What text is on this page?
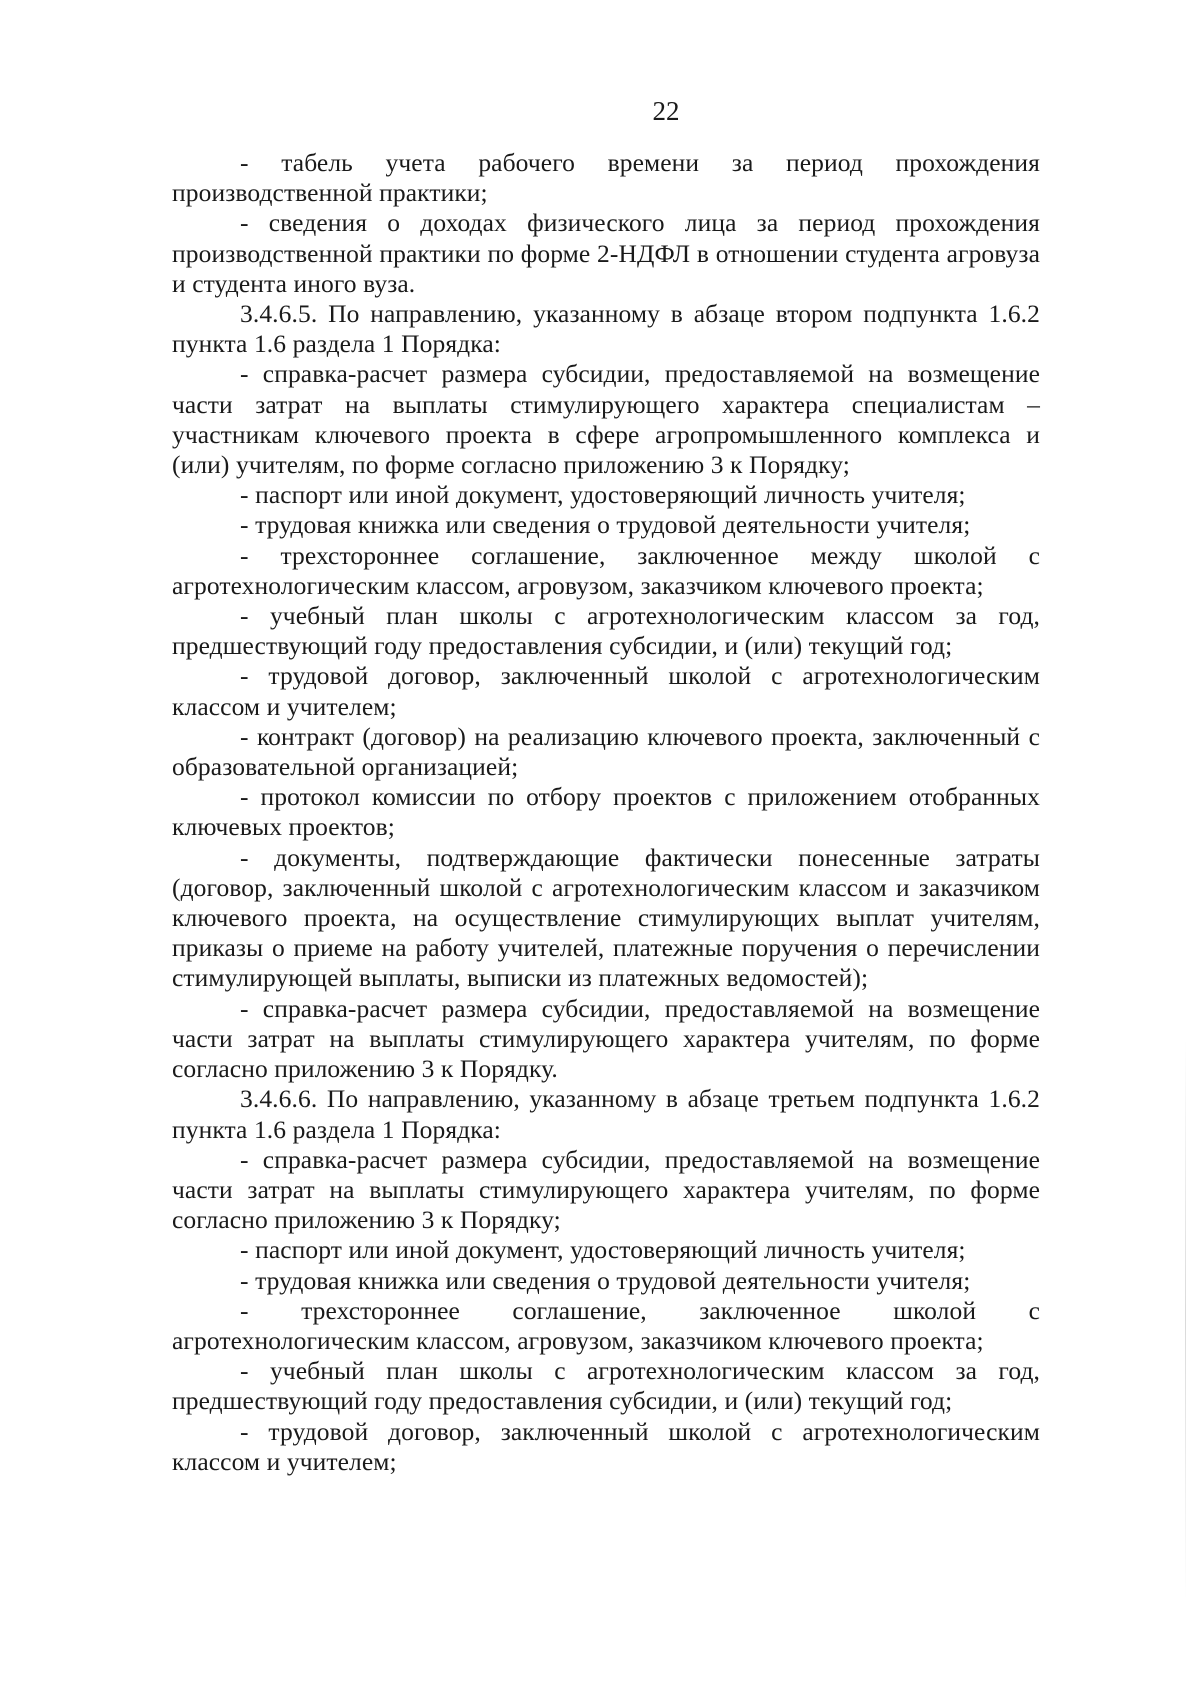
22

- табель учета рабочего времени за период прохождения производственной практики;

- сведения о доходах физического лица за период прохождения производственной практики по форме 2-НДФЛ в отношении студента агровуза и студента иного вуза.

3.4.6.5. По направлению, указанному в абзаце втором подпункта 1.6.2 пункта 1.6 раздела 1 Порядка:

- справка-расчет размера субсидии, предоставляемой на возмещение части затрат на выплаты стимулирующего характера специалистам – участникам ключевого проекта в сфере агропромышленного комплекса и (или) учителям, по форме согласно приложению 3 к Порядку;

- паспорт или иной документ, удостоверяющий личность учителя;

- трудовая книжка или сведения о трудовой деятельности учителя;

- трехстороннее соглашение, заключенное между школой с агротехнологическим классом, агровузом, заказчиком ключевого проекта;

- учебный план школы с агротехнологическим классом за год, предшествующий году предоставления субсидии, и (или) текущий год;

- трудовой договор, заключенный школой с агротехнологическим классом и учителем;

- контракт (договор) на реализацию ключевого проекта, заключенный с образовательной организацией;

- протокол комиссии по отбору проектов с приложением отобранных ключевых проектов;

- документы, подтверждающие фактически понесенные затраты (договор, заключенный школой с агротехнологическим классом и заказчиком ключевого проекта, на осуществление стимулирующих выплат учителям, приказы о приеме на работу учителей, платежные поручения о перечислении стимулирующей выплаты, выписки из платежных ведомостей);

- справка-расчет размера субсидии, предоставляемой на возмещение части затрат на выплаты стимулирующего характера учителям, по форме согласно приложению 3 к Порядку.

3.4.6.6. По направлению, указанному в абзаце третьем подпункта 1.6.2 пункта 1.6 раздела 1 Порядка:

- справка-расчет размера субсидии, предоставляемой на возмещение части затрат на выплаты стимулирующего характера учителям, по форме согласно приложению 3 к Порядку;

- паспорт или иной документ, удостоверяющий личность учителя;

- трудовая книжка или сведения о трудовой деятельности учителя;

- трехстороннее соглашение, заключенное школой с агротехнологическим классом, агровузом, заказчиком ключевого проекта;

- учебный план школы с агротехнологическим классом за год, предшествующий году предоставления субсидии, и (или) текущий год;

- трудовой договор, заключенный школой с агротехнологическим классом и учителем;
